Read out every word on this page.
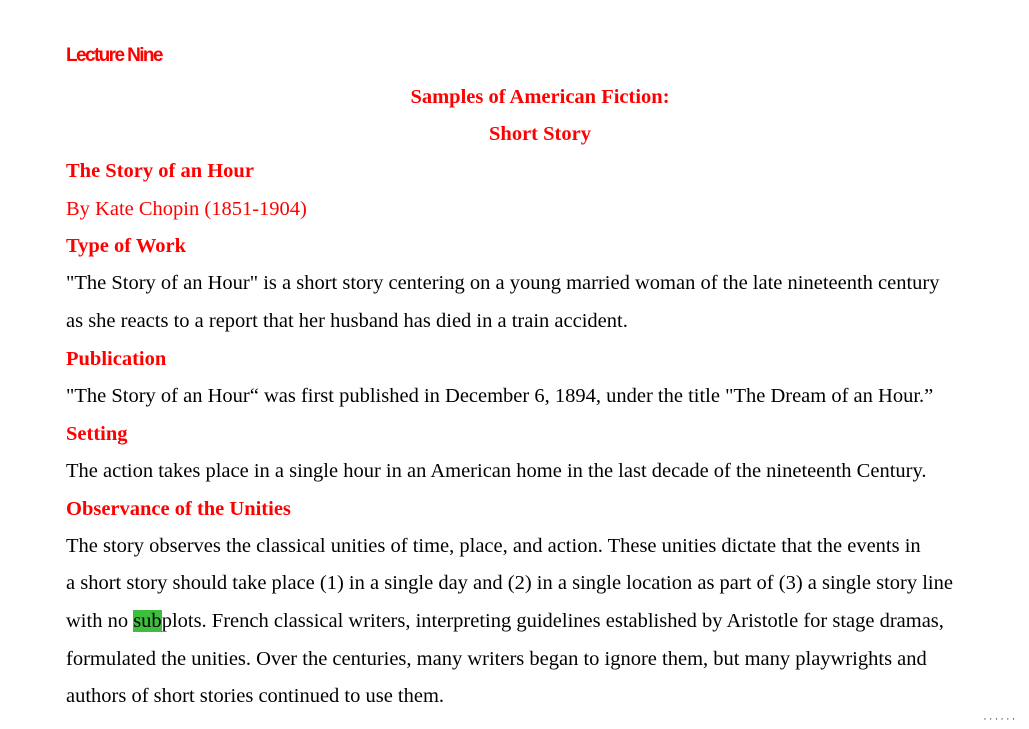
Lecture Nine
Samples of American Fiction:
Short Story
The Story of an Hour
By Kate Chopin (1851-1904)
Type of Work
"The Story of an Hour" is a short story centering on a young married woman of the late nineteenth century
as she reacts to a report that her husband has died in a train accident.
Publication
"The Story of an Hour“ was first published in December 6, 1894, under the title "The Dream of an Hour.”
Setting
The action takes place in a single hour in an American home in the last decade of the nineteenth Century.
Observance of the Unities
The story observes the classical unities of time, place, and action. These unities dictate that the events in
a short story should take place (1) in a single day and (2) in a single location as part of (3) a single story line
with no subplots. French classical writers, interpreting guidelines established by Aristotle for stage dramas,
formulated the unities. Over the centuries, many writers began to ignore them, but many playwrights and
authors of short stories continued to use them.
· · · · · ·
